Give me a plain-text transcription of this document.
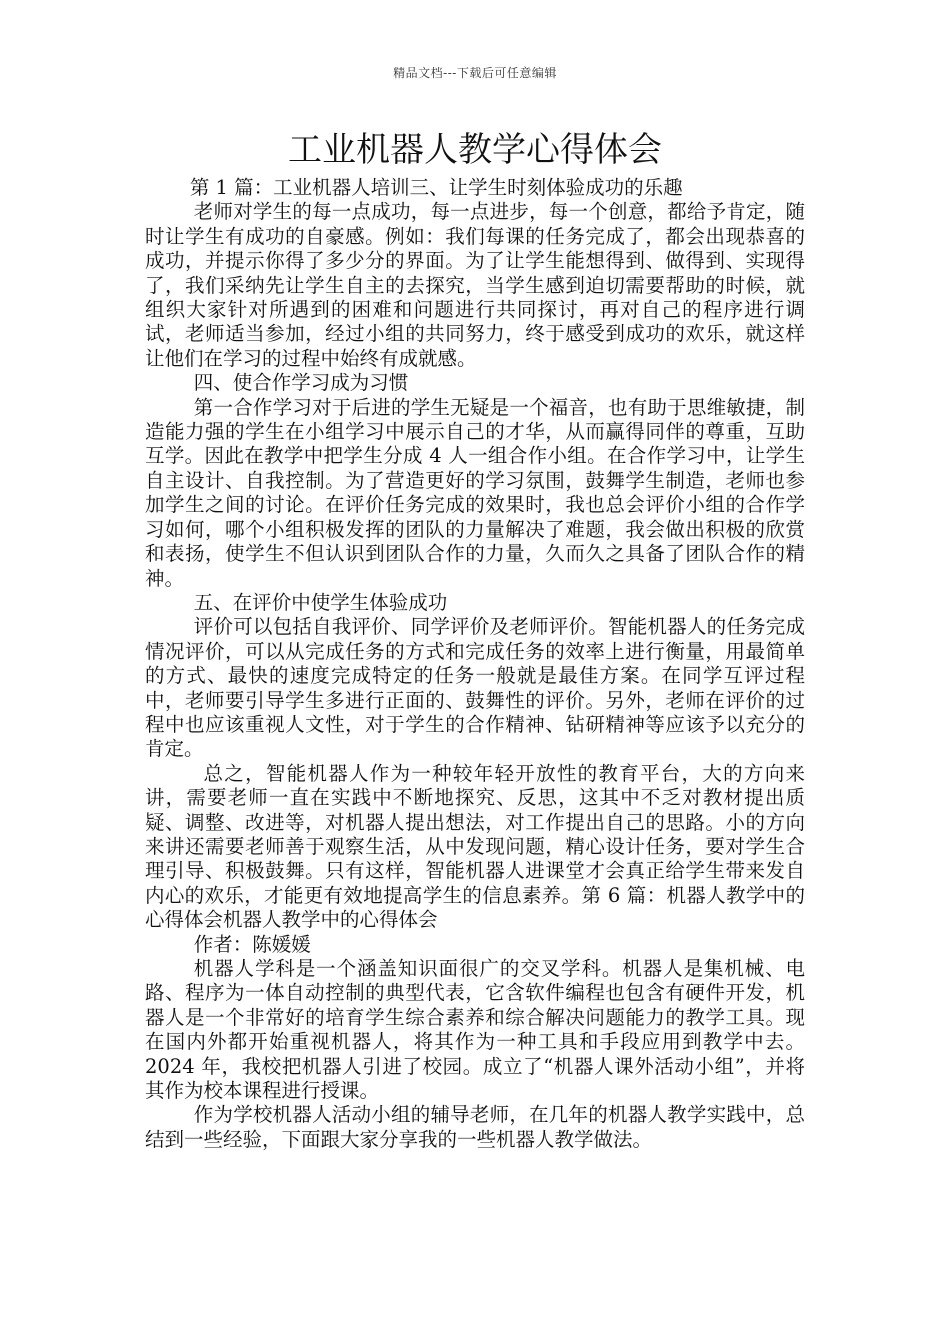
精品文档---下载后可任意编辑
工业机器人教学心得体会

第 1 篇：工业机器人培训三、让学生时刻体验成功的乐趣

老师对学生的每一点成功，每一点进步，每一个创意，都给予肯定，随时让学生有成功的自豪感。例如：我们每课的任务完成了，都会出现恭喜的成功，并提示你得了多少分的界面。为了让学生能想得到、做得到、实现得了，我们采纳先让学生自主的去探究，当学生感到迫切需要帮助的时候，就组织大家针对所遇到的困难和问题进行共同探讨，再对自己的程序进行调试，老师适当参加，经过小组的共同努力，终于感受到成功的欢乐，就这样让他们在学习的过程中始终有成就感。

四、使合作学习成为习惯

第一合作学习对于后进的学生无疑是一个福音，也有助于思维敏捷，制造能力强的学生在小组学习中展示自己的才华，从而赢得同伴的尊重，互助互学。因此在教学中把学生分成 4 人一组合作小组。在合作学习中，让学生自主设计、自我控制。为了营造更好的学习氛围，鼓舞学生制造，老师也参加学生之间的讨论。在评价任务完成的效果时，我也总会评价小组的合作学习如何，哪个小组积极发挥的团队的力量解决了难题，我会做出积极的欣赏和表扬，使学生不但认识到团队合作的力量，久而久之具备了团队合作的精神。

五、在评价中使学生体验成功

评价可以包括自我评价、同学评价及老师评价。智能机器人的任务完成情况评价，可以从完成任务的方式和完成任务的效率上进行衡量，用最简单的方式、最快的速度完成特定的任务一般就是最佳方案。在同学互评过程中，老师要引导学生多进行正面的、鼓舞性的评价。另外，老师在评价的过程中也应该重视人文性，对于学生的合作精神、钻研精神等应该予以充分的肯定。

总之，智能机器人作为一种较年轻开放性的教育平台，大的方向来讲，需要老师一直在实践中不断地探究、反思，这其中不乏对教材提出质疑、调整、改进等，对机器人提出想法，对工作提出自己的思路。小的方向来讲还需要老师善于观察生活，从中发现问题，精心设计任务，要对学生合理引导、积极鼓舞。只有这样，智能机器人进课堂才会真正给学生带来发自内心的欢乐，才能更有效地提高学生的信息素养。第 6 篇：机器人教学中的心得体会机器人教学中的心得体会

作者：陈媛媛

机器人学科是一个涵盖知识面很广的交叉学科。机器人是集机械、电路、程序为一体自动控制的典型代表，它含软件编程也包含有硬件开发，机器人是一个非常好的培育学生综合素养和综合解决问题能力的教学工具。现在国内外都开始重视机器人，将其作为一种工具和手段应用到教学中去。2024 年，我校把机器人引进了校园。成立了“机器人课外活动小组”，并将其作为校本课程进行授课。

作为学校机器人活动小组的辅导老师，在几年的机器人教学实践中，总结到一些经验，下面跟大家分享我的一些机器人教学做法。
